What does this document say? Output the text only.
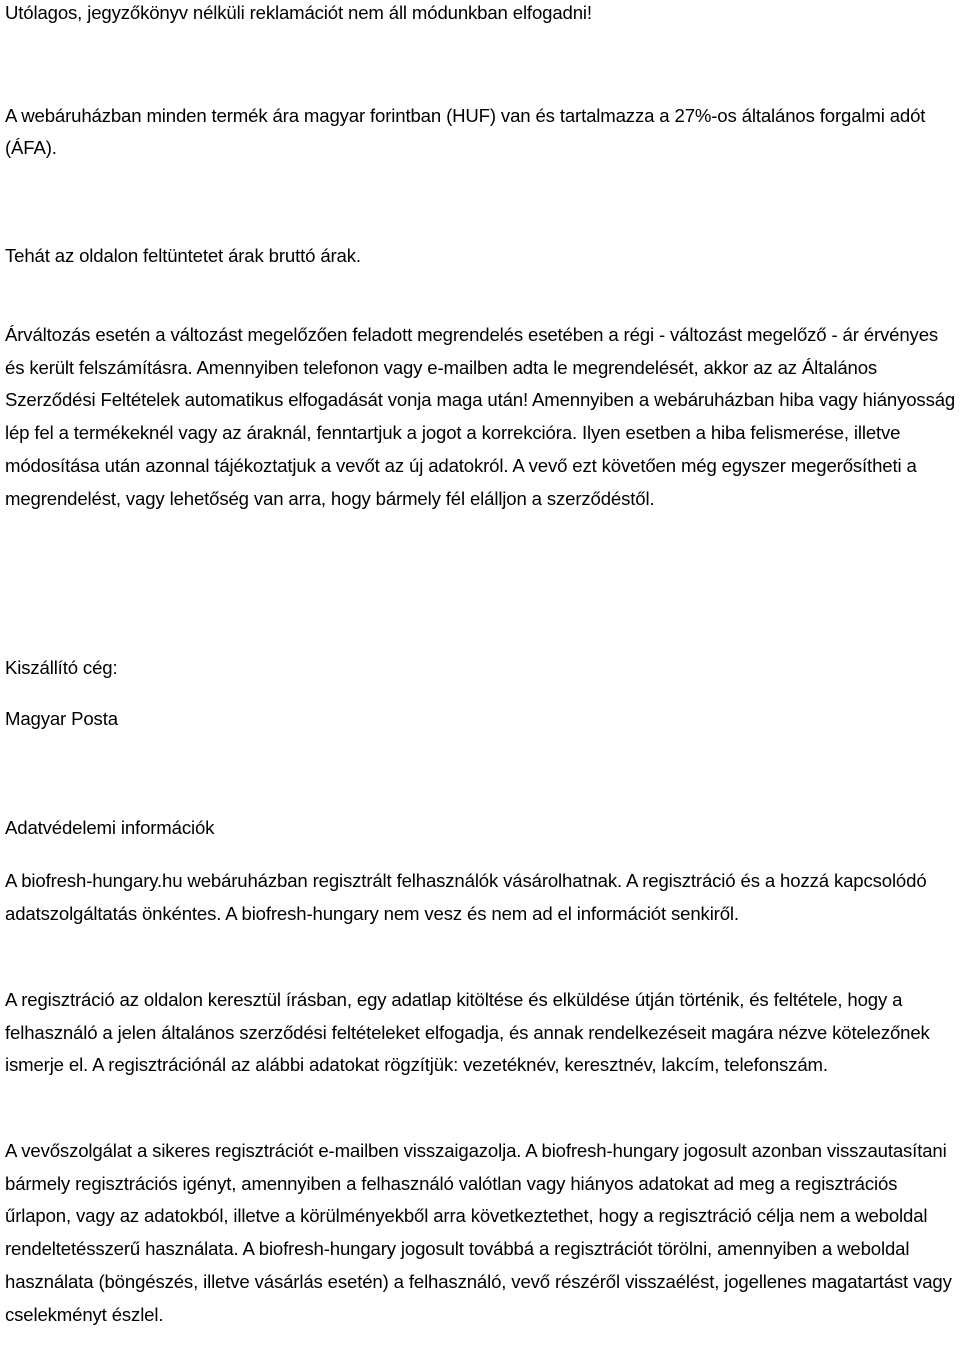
Utólagos, jegyzőkönyv nélküli reklamációt nem áll módunkban elfogadni!

A webáruházban minden termék ára magyar forintban (HUF) van és tartalmazza a 27%-os általános forgalmi adót (ÁFA).

Tehát az oldalon feltüntetet árak bruttó árak.

Árváltozás esetén a változást megelőzően feladott megrendelés esetében a régi - változást megelőző - ár érvényes és került felszámításra. Amennyiben telefonon vagy e-mailben adta le megrendelését, akkor az az Általános Szerződési Feltételek automatikus elfogadását vonja maga után! Amennyiben a webáruházban hiba vagy hiányosság lép fel a termékeknél vagy az áraknál, fenntartjuk a jogot a korrekcióra. Ilyen esetben a hiba felismerése, illetve módosítása után azonnal tájékoztatjuk a vevőt az új adatokról. A vevő ezt követően még egyszer megerősítheti a megrendelést, vagy lehetőség van arra, hogy bármely fél elálljon a szerződéstől.

Kiszállító cég:

Magyar Posta

Adatvédelemi információk

A biofresh-hungary.hu webáruházban regisztrált felhasználók vásárolhatnak. A regisztráció és a hozzá kapcsolódó adatszolgáltatás önkéntes. A biofresh-hungary nem vesz és nem ad el információt senkiről.

A regisztráció az oldalon keresztül írásban, egy adatlap kitöltése és elküldése útján történik, és feltétele, hogy a felhasználó a jelen általános szerződési feltételeket elfogadja, és annak rendelkezéseit magára nézve kötelezőnek ismerje el. A regisztrációnál az alábbi adatokat rögzítjük: vezetéknév, keresztnév, lakcím, telefonszám.

A vevőszolgálat a sikeres regisztrációt e-mailben visszaigazolja. A biofresh-hungary jogosult azonban visszautasítani bármely regisztrációs igényt, amennyiben a felhasználó valótlan vagy hiányos adatokat ad meg a regisztrációs űrlapon, vagy az adatokból, illetve a körülményekből arra következtethet, hogy a regisztráció célja nem a weboldal rendeltetésszerű használata. A biofresh-hungary jogosult továbbá a regisztrációt törölni, amennyiben a weboldal használata (böngészés, illetve vásárlás esetén) a felhasználó, vevő részéről visszaélést, jogellenes magatartást vagy cselekményt észlel.
